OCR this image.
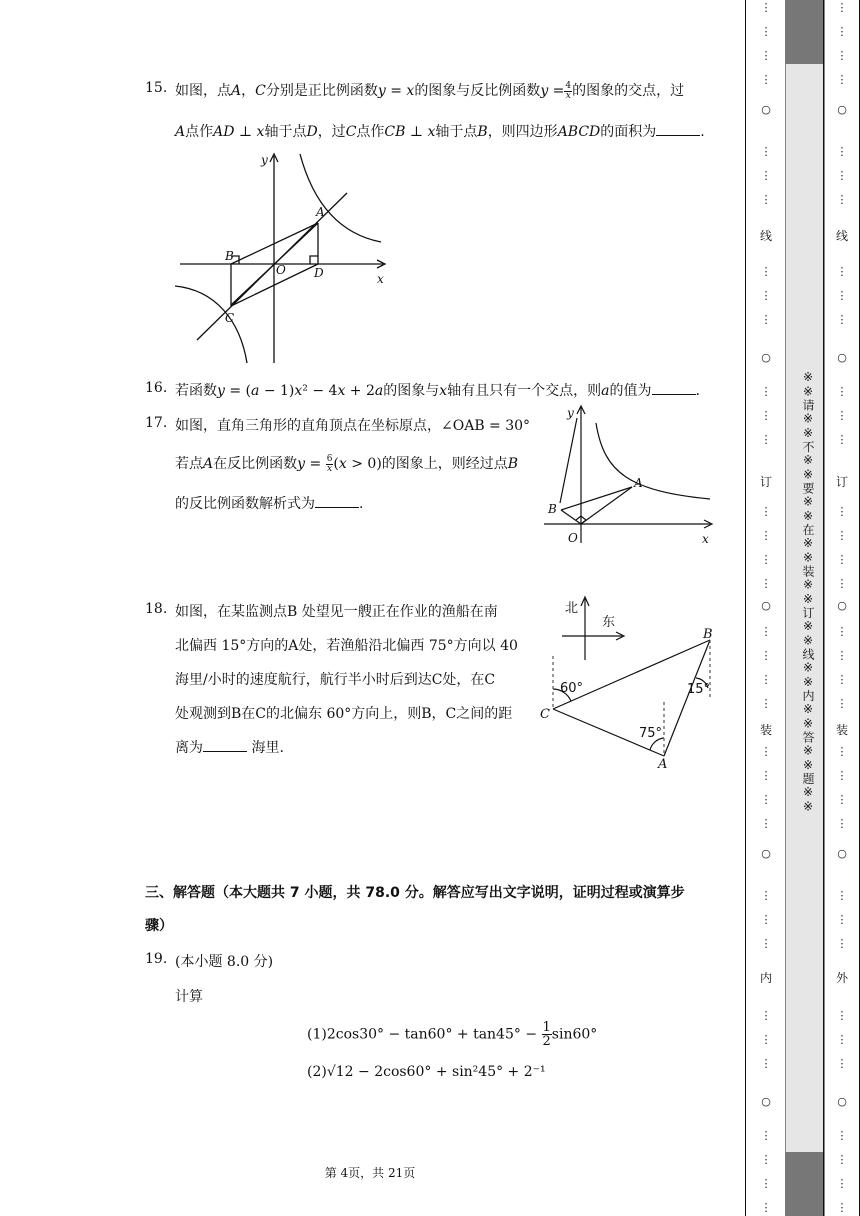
15. 如图，点A，C分别是正比例函数y = x的图象与反比例函数$y = \frac{4}{x}$ 的图象的交点，过
A点作AD ⊥ x轴于点D，过C点作CB ⊥ x轴于点B，则四边形ABCD的面积为	.
y
x
A
B
C
D
O
16. 若函数y = (a − 1)x² − 4x + 2a的图象与x轴有且只有一个交点，则a的值为	.
17. 如图，直角三角形的直角顶点在坐标原点，∠OAB = 30°
若点A在反比例函数$y = \frac{6}{x} (x > 0)$的图象上，则经过点B
的反比例函数解析式为	.
y
x
A
B
O
18. 如图，在某监测点B 处望见一艘正在作业的渔船在南
北偏西 15°方向的A处，若渔船沿北偏西 75°方向以 40
海里/小时的速度航行，航行半小时后到达C处，在C
处观测到B在C的北偏东 60°方向上，则B，C之间的距
离为	海里.
北
东
60°
75°
15°
B
C
A
三、解答题（本大题共 7 小题，共 78.0 分。解答应写出文字说明，证明过程或演算步
骤）
19. (本小题 8.0 分)
计算
$(1)2\cos 30^\circ - \tan 60^\circ + \tan 45^\circ - \frac{1}{2} \sin 60^\circ$
(2)√12 − 2cos60° + sin²45° + 2⁻¹
第 4页，共 21页
○
○
○
○
○
线
订
装
内
⋮
⋮
⋮
⋮
⋮
⋮
⋮
⋮
⋮
⋮
⋮
⋮
⋮
⋮
⋮
⋮
⋮
⋮
⋮
⋮
⋮
⋮
⋮
⋮
⋮
⋮
⋮
⋮
⋮
⋮
⋮
⋮
⋮
⋮
⋮
○
○
○
○
○
线
订
装
外
⋮
⋮
⋮
⋮
⋮
⋮
⋮
⋮
⋮
⋮
⋮
⋮
⋮
⋮
⋮
⋮
⋮
⋮
⋮
⋮
⋮
⋮
⋮
⋮
⋮
⋮
⋮
⋮
⋮
⋮
⋮
⋮
⋮
⋮
⋮
※※请※※不※※要※※在※※装※※订※※线※※内※※答※※题※※
